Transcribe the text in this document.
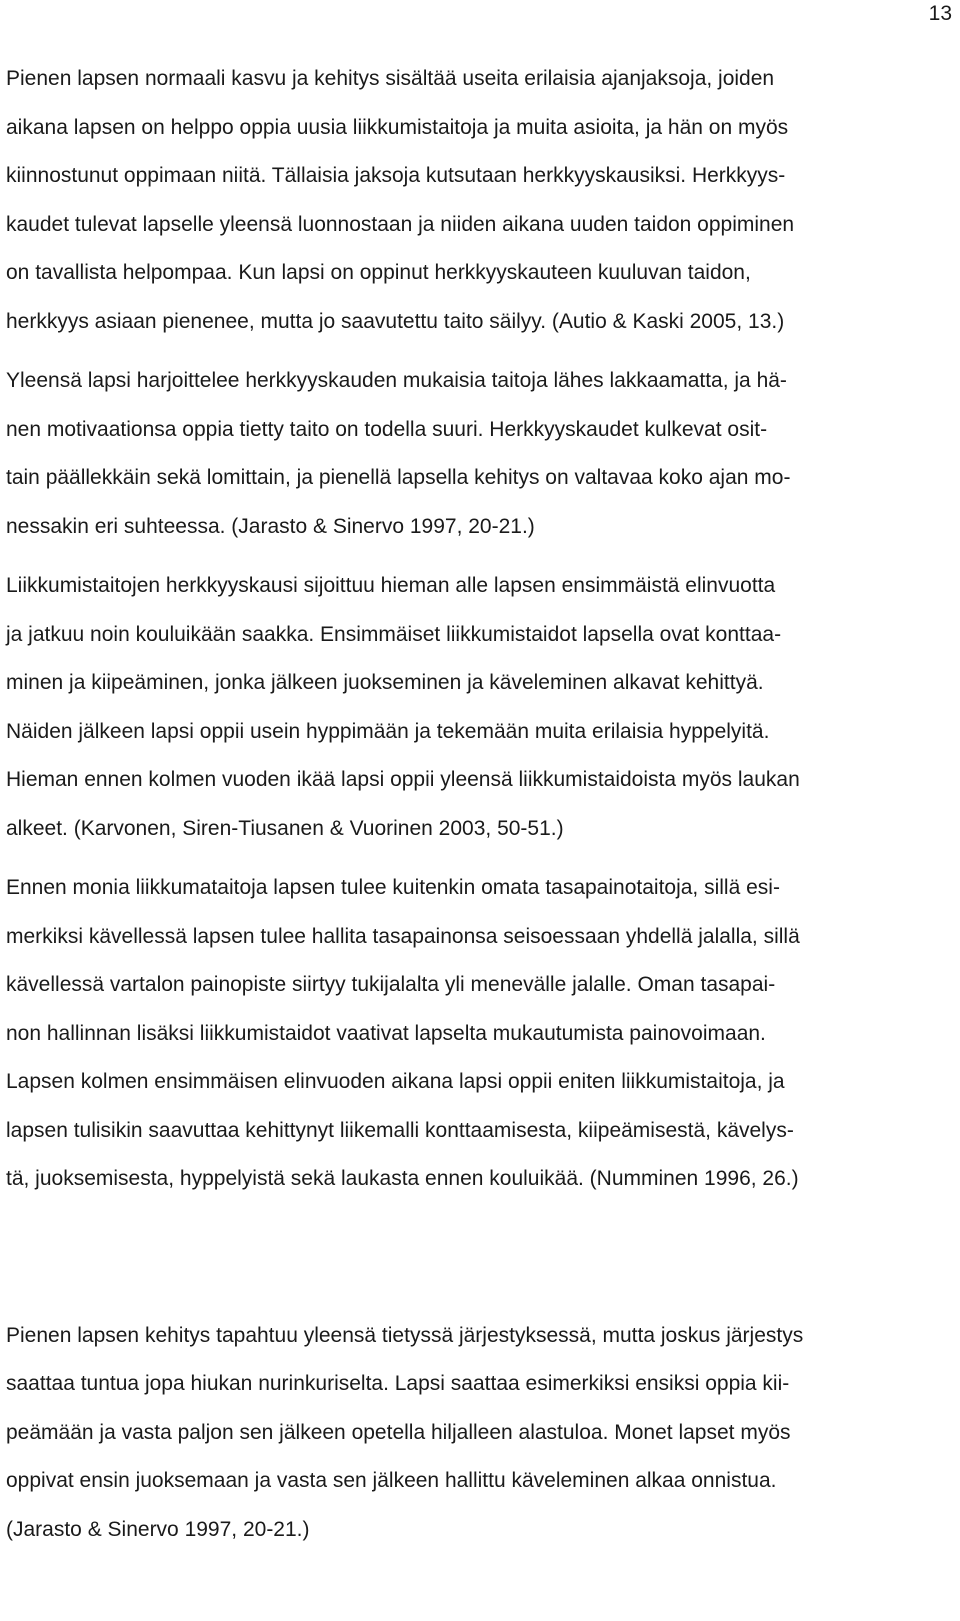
13

Pienen lapsen normaali kasvu ja kehitys sisältää useita erilaisia ajanjaksoja, joiden
aikana lapsen on helppo oppia uusia liikkumistaitoja ja muita asioita, ja hän on myös
kiinnostunut oppimaan niitä. Tällaisia jaksoja kutsutaan herkkyyskausiksi. Herkkyys-
kaudet tulevat lapselle yleensä luonnostaan ja niiden aikana uuden taidon oppiminen
on tavallista helpompaa. Kun lapsi on oppinut herkkyyskauteen kuuluvan taidon,
herkkyys asiaan pienenee, mutta jo saavutettu taito säilyy. (Autio & Kaski 2005, 13.)

Yleensä lapsi harjoittelee herkkyyskauden mukaisia taitoja lähes lakkaamatta, ja hä-
nen motivaationsa oppia tietty taito on todella suuri. Herkkyyskaudet kulkevat osit-
tain päällekkäin sekä lomittain, ja pienellä lapsella kehitys on valtavaa koko ajan mo-
nessakin eri suhteessa. (Jarasto & Sinervo 1997, 20-21.)

Liikkumistaitojen herkkyyskausi sijoittuu hieman alle lapsen ensimmäistä elinvuotta
ja jatkuu noin kouluikään saakka. Ensimmäiset liikkumistaidot lapsella ovat konttaa-
minen ja kiipeäminen, jonka jälkeen juokseminen ja käveleminen alkavat kehittyä.
Näiden jälkeen lapsi oppii usein hyppimään ja tekemään muita erilaisia hyppelyitä.
Hieman ennen kolmen vuoden ikää lapsi oppii yleensä liikkumistaidoista myös laukan
alkeet. (Karvonen, Siren-Tiusanen & Vuorinen 2003, 50-51.)

Ennen monia liikkumataitoja lapsen tulee kuitenkin omata tasapainotaitoja, sillä esi-
merkiksi kävellessä lapsen tulee hallita tasapainonsa seisoessaan yhdellä jalalla, sillä
kävellessä vartalon painopiste siirtyy tukijalalta yli menevälle jalalle. Oman tasapai-
non hallinnan lisäksi liikkumistaidot vaativat lapselta mukautumista painovoimaan.
Lapsen kolmen ensimmäisen elinvuoden aikana lapsi oppii eniten liikkumistaitoja, ja
lapsen tulisikin saavuttaa kehittynyt liikemalli konttaamisesta, kiipeämisestä, kävelys-
tä, juoksemisesta, hyppelyistä sekä laukasta ennen kouluikää. (Numminen 1996, 26.)

Pienen lapsen kehitys tapahtuu yleensä tietyssä järjestyksessä, mutta joskus järjestys
saattaa tuntua jopa hiukan nurinkuriselta. Lapsi saattaa esimerkiksi ensiksi oppia kii-
peämään ja vasta paljon sen jälkeen opetella hiljalleen alastuloa. Monet lapset myös
oppivat ensin juoksemaan ja vasta sen jälkeen hallittu käveleminen alkaa onnistua.
(Jarasto & Sinervo 1997, 20-21.)
